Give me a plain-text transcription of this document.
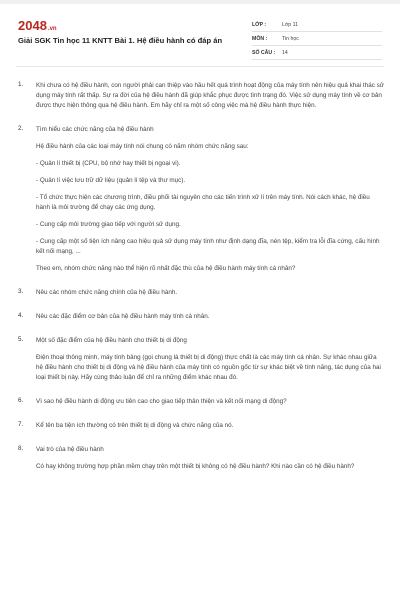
2048.vn
Giải SGK Tin học 11 KNTT Bài 1. Hệ điều hành có đáp án
LỚP :	Lớp 11
MÔN :	Tin học
SỐ CÂU :	14
1.	Khi chưa có hệ điều hành, con người phải can thiệp vào hầu hết quá trình hoạt động của máy tính nên hiệu quả khai thác sử dụng máy tính rất thấp. Sự ra đời của hệ điều hành đã giúp khắc phục được tình trạng đó. Việc sử dụng máy tính về cơ bản được thực hiện thông qua hệ điều hành. Em hãy chỉ ra một số công việc mà hệ điều hành thực hiện.

2.	Tìm hiểu các chức năng của hệ điều hành

Hệ điều hành của các loại máy tính nói chung có năm nhóm chức năng sau:

- Quản lí thiết bị (CPU, bộ nhớ hay thiết bị ngoại vi).

- Quản lí việc lưu trữ dữ liệu (quản lí tệp và thư mục).

- Tổ chức thực hiện các chương trình, điều phối tài nguyên cho các tiến trình xử lí trên máy tính. Nói cách khác, hệ điều hành là môi trường để chạy các ứng dụng.

- Cung cấp môi trường giao tiếp với người sử dụng.

- Cung cấp một số tiện ích nâng cao hiệu quả sử dụng máy tính như định dạng đĩa, nén tệp, kiểm tra lỗi đĩa cứng, cấu hình kết nối mạng, ...

Theo em, nhóm chức năng nào thể hiện rõ nhất đặc thù của hệ điều hành máy tính cá nhân?

3.	Nêu các nhóm chức năng chính của hệ điều hành.

4.	Nêu các đặc điểm cơ bản của hệ điều hành máy tính cá nhân.

5.	Một số đặc điểm của hệ điều hành cho thiết bị di động

Điện thoại thông minh, máy tính bảng (gọi chung là thiết bị di động) thực chất là các máy tính cá nhân. Sự khác nhau giữa hệ điều hành cho thiết bị di động và hệ điều hành của máy tính có nguồn gốc từ sự khác biệt về tính năng, tác dụng của hai loại thiết bị này. Hãy cùng thảo luận để chỉ ra những điểm khác nhau đó.

6.	Vì sao hệ điều hành di động ưu tiên cao cho giao tiếp thân thiện và kết nối mạng di động?

7.	Kể tên ba tiện ích thường có trên thiết bị di động và chức năng của nó.

8.	Vai trò của hệ điều hành

Có hay không trường hợp phần mềm chạy trên một thiết bị không có hệ điều hành? Khi nào cần có hệ điều hành?
